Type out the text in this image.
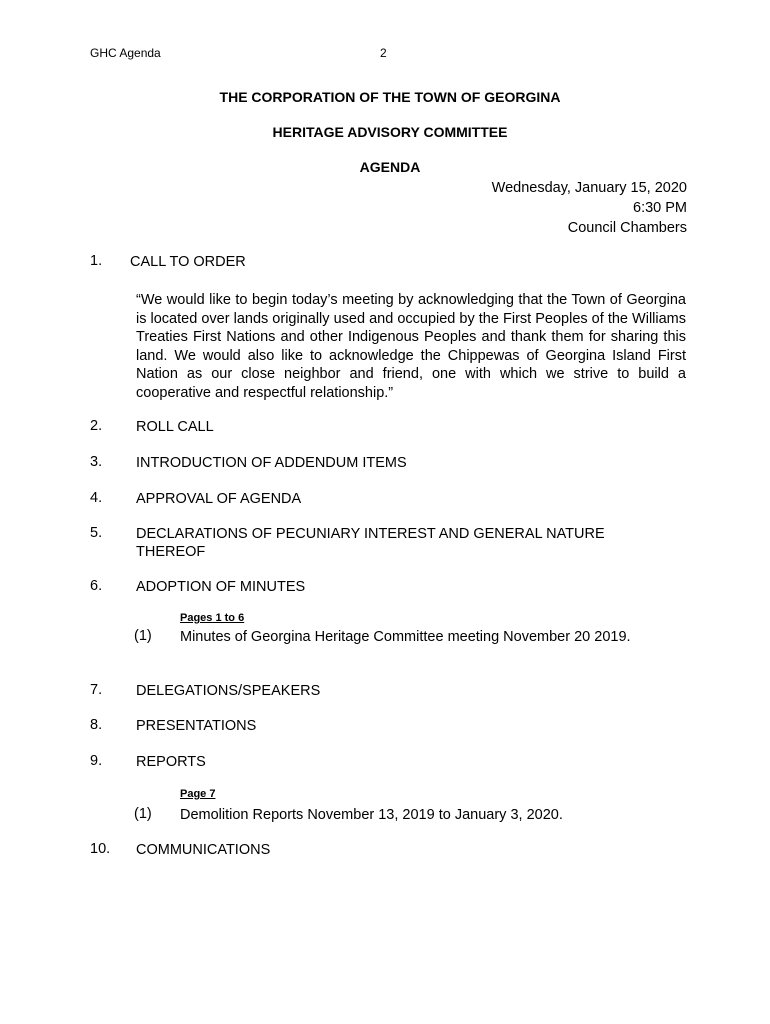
GHC Agenda	2
THE CORPORATION OF THE TOWN OF GEORGINA
HERITAGE ADVISORY COMMITTEE
AGENDA
Wednesday, January 15, 2020
6:30 PM
Council Chambers
1. CALL TO ORDER
“We would like to begin today’s meeting by acknowledging that the Town of Georgina is located over lands originally used and occupied by the First Peoples of the Williams Treaties First Nations and other Indigenous Peoples and thank them for sharing this land. We would also like to acknowledge the Chippewas of Georgina Island First Nation as our close neighbor and friend, one with which we strive to build a cooperative and respectful relationship.”
2. ROLL CALL
3. INTRODUCTION OF ADDENDUM ITEMS
4. APPROVAL OF AGENDA
5. DECLARATIONS OF PECUNIARY INTEREST AND GENERAL NATURE THEREOF
6. ADOPTION OF MINUTES
Pages 1 to 6
(1) Minutes of Georgina Heritage Committee meeting November 20 2019.
7. DELEGATIONS/SPEAKERS
8. PRESENTATIONS
9. REPORTS
Page 7
(1) Demolition Reports November 13, 2019 to January 3, 2020.
10. COMMUNICATIONS
